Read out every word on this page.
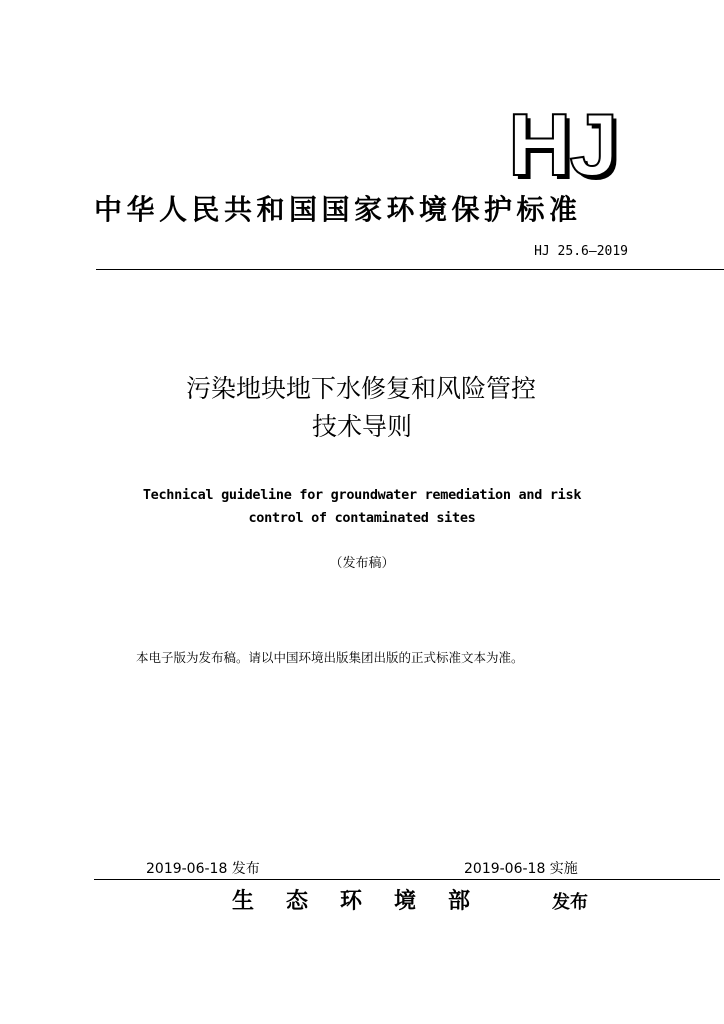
HJ
中华人民共和国国家环境保护标准
HJ 25.6—2019
污染地块地下水修复和风险管控
技术导则
Technical guideline for groundwater remediation and risk
control of contaminated sites
（发布稿）
本电子版为发布稿。请以中国环境出版集团出版的正式标准文本为准。
2019-06-18 发布	2019-06-18 实施
生态环境部	发布
